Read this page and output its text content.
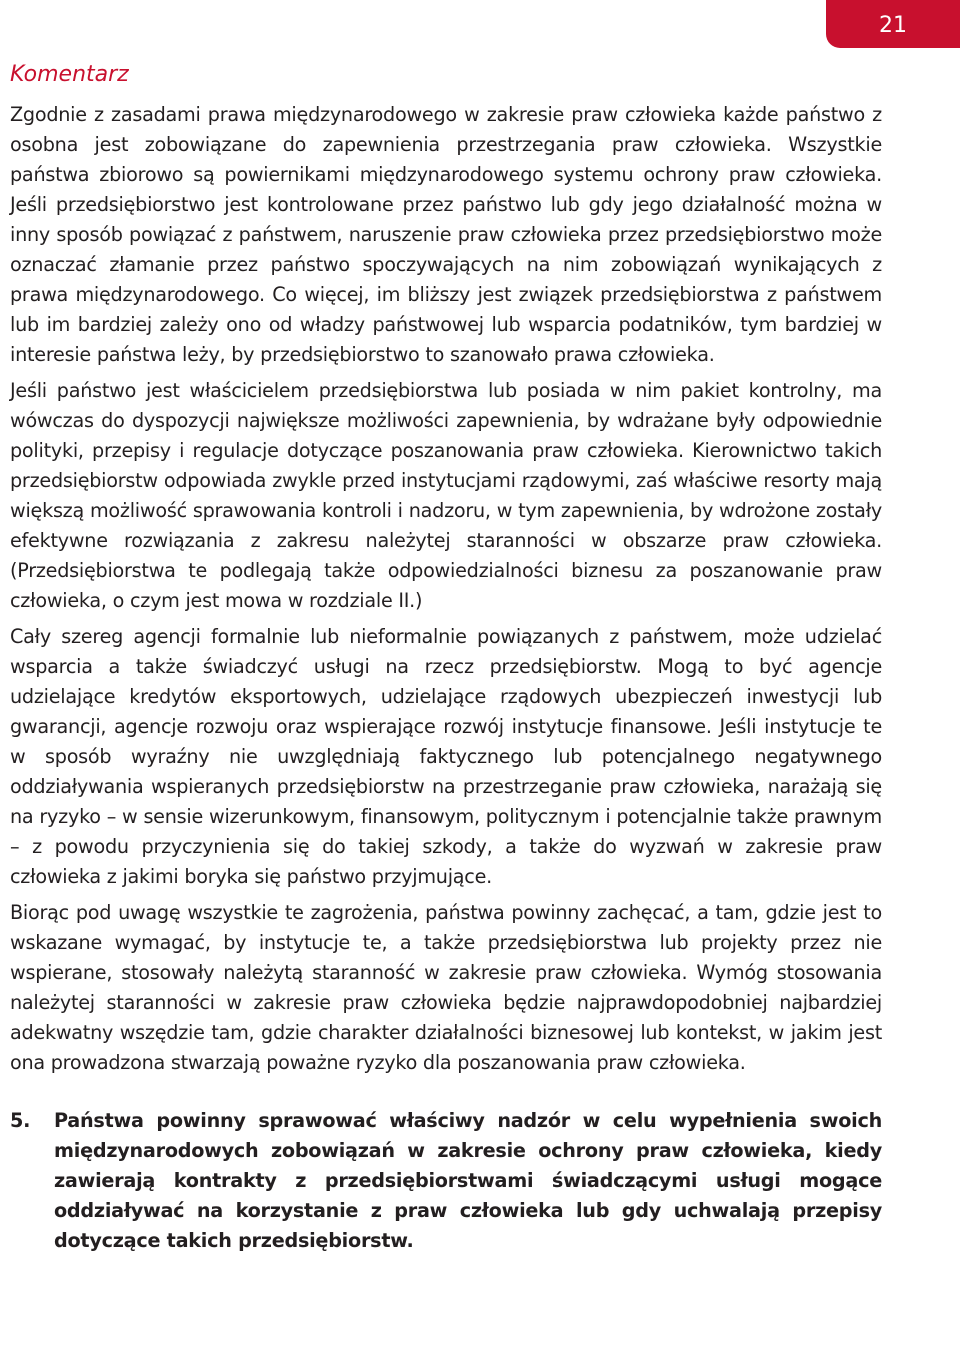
21
Komentarz

Zgodnie z zasadami prawa międzynarodowego w zakresie praw człowieka każde państwo z osobna jest zobowiązane do zapewnienia przestrzegania praw człowieka. Wszystkie państwa zbiorowo są powiernikami międzynarodowego systemu ochrony praw człowieka. Jeśli przedsiębiorstwo jest kontrolowane przez państwo lub gdy jego działalność można w inny sposób powiązać z państwem, naruszenie praw człowieka przez przedsiębiorstwo może oznaczać złamanie przez państwo spoczywających na nim zobowiązań wynikających z prawa międzynarodowego. Co więcej, im bliższy jest związek przedsiębiorstwa z państwem lub im bardziej zależy ono od władzy państwowej lub wsparcia podatników, tym bardziej w interesie państwa leży, by przedsiębiorstwo to szanowało prawa człowieka.

Jeśli państwo jest właścicielem przedsiębiorstwa lub posiada w nim pakiet kontrolny, ma wówczas do dyspozycji największe możliwości zapewnienia, by wdrażane były odpowiednie polityki, przepisy i regulacje dotyczące poszanowania praw człowieka. Kierownictwo takich przedsiębiorstw odpowiada zwykle przed instytucjami rządowymi, zaś właściwe resorty mają większą możliwość sprawowania kontroli i nadzoru, w tym zapewnienia, by wdrożone zostały efektywne rozwiązania z zakresu należytej staranności w obszarze praw człowieka. (Przedsiębiorstwa te podlegają także odpowiedzialności biznesu za poszanowanie praw człowieka, o czym jest mowa w rozdziale II.)

Cały szereg agencji formalnie lub nieformalnie powiązanych z państwem, może udzielać wsparcia a także świadczyć usługi na rzecz przedsiębiorstw. Mogą to być agencje udzielające kredytów eksportowych, udzielające rządowych ubezpieczeń inwestycji lub gwarancji, agencje rozwoju oraz wspierające rozwój instytucje finansowe. Jeśli instytucje te w sposób wyraźny nie uwzględniają faktycznego lub potencjalnego negatywnego oddziaływania wspieranych przedsiębiorstw na przestrzeganie praw człowieka, narażają się na ryzyko – w sensie wizerunkowym, finansowym, politycznym i potencjalnie także prawnym – z powodu przyczynienia się do takiej szkody, a także do wyzwań w zakresie praw człowieka z jakimi boryka się państwo przyjmujące.

Biorąc pod uwagę wszystkie te zagrożenia, państwa powinny zachęcać, a tam, gdzie jest to wskazane wymagać, by instytucje te, a także przedsiębiorstwa lub projekty przez nie wspierane, stosowały należytą staranność w zakresie praw człowieka. Wymóg stosowania należytej staranności w zakresie praw człowieka będzie najprawdopodobniej najbardziej adekwatny wszędzie tam, gdzie charakter działalności biznesowej lub kontekst, w jakim jest ona prowadzona stwarzają poważne ryzyko dla poszanowania praw człowieka.

5. Państwa powinny sprawować właściwy nadzór w celu wypełnienia swoich międzynarodowych zobowiązań w zakresie ochrony praw człowieka, kiedy zawierają kontrakty z przedsiębiorstwami świadczącymi usługi mogące oddziaływać na korzystanie z praw człowieka lub gdy uchwalają przepisy dotyczące takich przedsiębiorstw.
